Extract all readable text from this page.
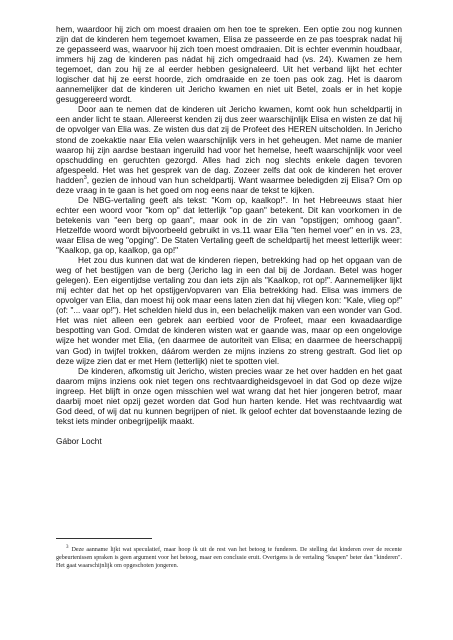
hem, waardoor hij zich om moest draaien om hen toe te spreken. Een optie zou nog kunnen zijn dat de kinderen hem tegemoet kwamen, Elisa ze passeerde en ze pas toesprak nadat hij ze gepasseerd was, waarvoor hij zich toen moest omdraaien. Dit is echter evenmin houdbaar, immers hij zag de kinderen pas nádat hij zich omgedraaid had (vs. 24). Kwamen ze hem tegemoet, dan zou hij ze al eerder hebben gesignaleerd. Uit het verband lijkt het echter logischer dat hij ze eerst hoorde, zich omdraaide en ze toen pas ook zag. Het is daarom aannemelijker dat de kinderen uit Jericho kwamen en niet uit Betel, zoals er in het kopje gesuggereerd wordt.

Door aan te nemen dat de kinderen uit Jericho kwamen, komt ook hun scheldpartij in een ander licht te staan. Allereerst kenden zij dus zeer waarschijnlijk Elisa en wisten ze dat hij de opvolger van Elia was. Ze wisten dus dat zij de Profeet des HEREN uitscholden. In Jericho stond de zoekaktie naar Elia velen waarschijnlijk vers in het geheugen. Met name de manier waarop hij zijn aardse bestaan ingeruild had voor het hemelse, heeft waarschijnlijk voor veel opschudding en geruchten gezorgd. Alles had zich nog slechts enkele dagen tevoren afgespeeld. Het was het gesprek van de dag. Zozeer zelfs dat ook de kinderen het erover hadden$^3$, gezien de inhoud van hun scheldpartij. Want waarmee beledigden zij Elisa? Om op deze vraag in te gaan is het goed om nog eens naar de tekst te kijken.

De NBG-vertaling geeft als tekst: "Kom op, kaalkop!". In het Hebreeuws staat hier echter een woord voor "kom op" dat letterlijk "op gaan" betekent. Dit kan voorkomen in de betekenis van "een berg op gaan", maar ook in de zin van "opstijgen; omhoog gaan". Hetzelfde woord wordt bijvoorbeeld gebruikt in vs.11 waar Elia "ten hemel voer" en in vs. 23, waar Elisa de weg "opging". De Staten Vertaling geeft de scheldpartij het meest letterlijk weer: "Kaalkop, ga op, kaalkop, ga op!"

Het zou dus kunnen dat wat de kinderen riepen, betrekking had op het opgaan van de weg of het bestijgen van de berg (Jericho lag in een dal bij de Jordaan. Betel was hoger gelegen). Een eigentijdse vertaling zou dan iets zijn als "Kaalkop, rot op!". Aannemelijker lijkt mij echter dat het op het opstijgen/opvaren van Elia betrekking had. Elisa was immers de opvolger van Elia, dan moest hij ook maar eens laten zien dat hij vliegen kon: "Kale, vlieg op!" (of: "... vaar op!"). Het schelden hield dus in, een belachelijk maken van een wonder van God. Het was niet alleen een gebrek aan eerbied voor de Profeet, maar een kwaadaardige bespotting van God. Omdat de kinderen wisten wat er gaande was, maar op een ongelovige wijze het wonder met Elia, (en daarmee de autoriteit van Elisa; en daarmee de heerschappij van God) in twijfel trokken, dáárom werden ze mijns inziens zo streng gestraft. God liet op deze wijze zien dat er met Hem (letterlijk) niet te spotten viel.

De kinderen, afkomstig uit Jericho, wisten precies waar ze het over hadden en het gaat daarom mijns inziens ook niet tegen ons rechtvaardigheidsgevoel in dat God op deze wijze ingreep. Het blijft in onze ogen misschien wel wat wrang dat het hier jongeren betrof, maar daarbij moet niet opzij gezet worden dat God hun harten kende. Het was rechtvaardig wat God deed, of wij dat nu kunnen begrijpen of niet. Ik geloof echter dat bovenstaande lezing de tekst iets minder onbegrijpelijk maakt.

Gábor Locht

$^3$ Deze aanname lijkt wat speculatief, maar hoop ik uit de rest van het betoog te funderen. De stelling dat kinderen over de recente gebeurtenissen spraken is geen argument voor het betoog, maar een conclusie eruit. Overigens is de vertaling "knapen" beter dan "kinderen". Het gaat waarschijnlijk om opgeschoten jongeren.
